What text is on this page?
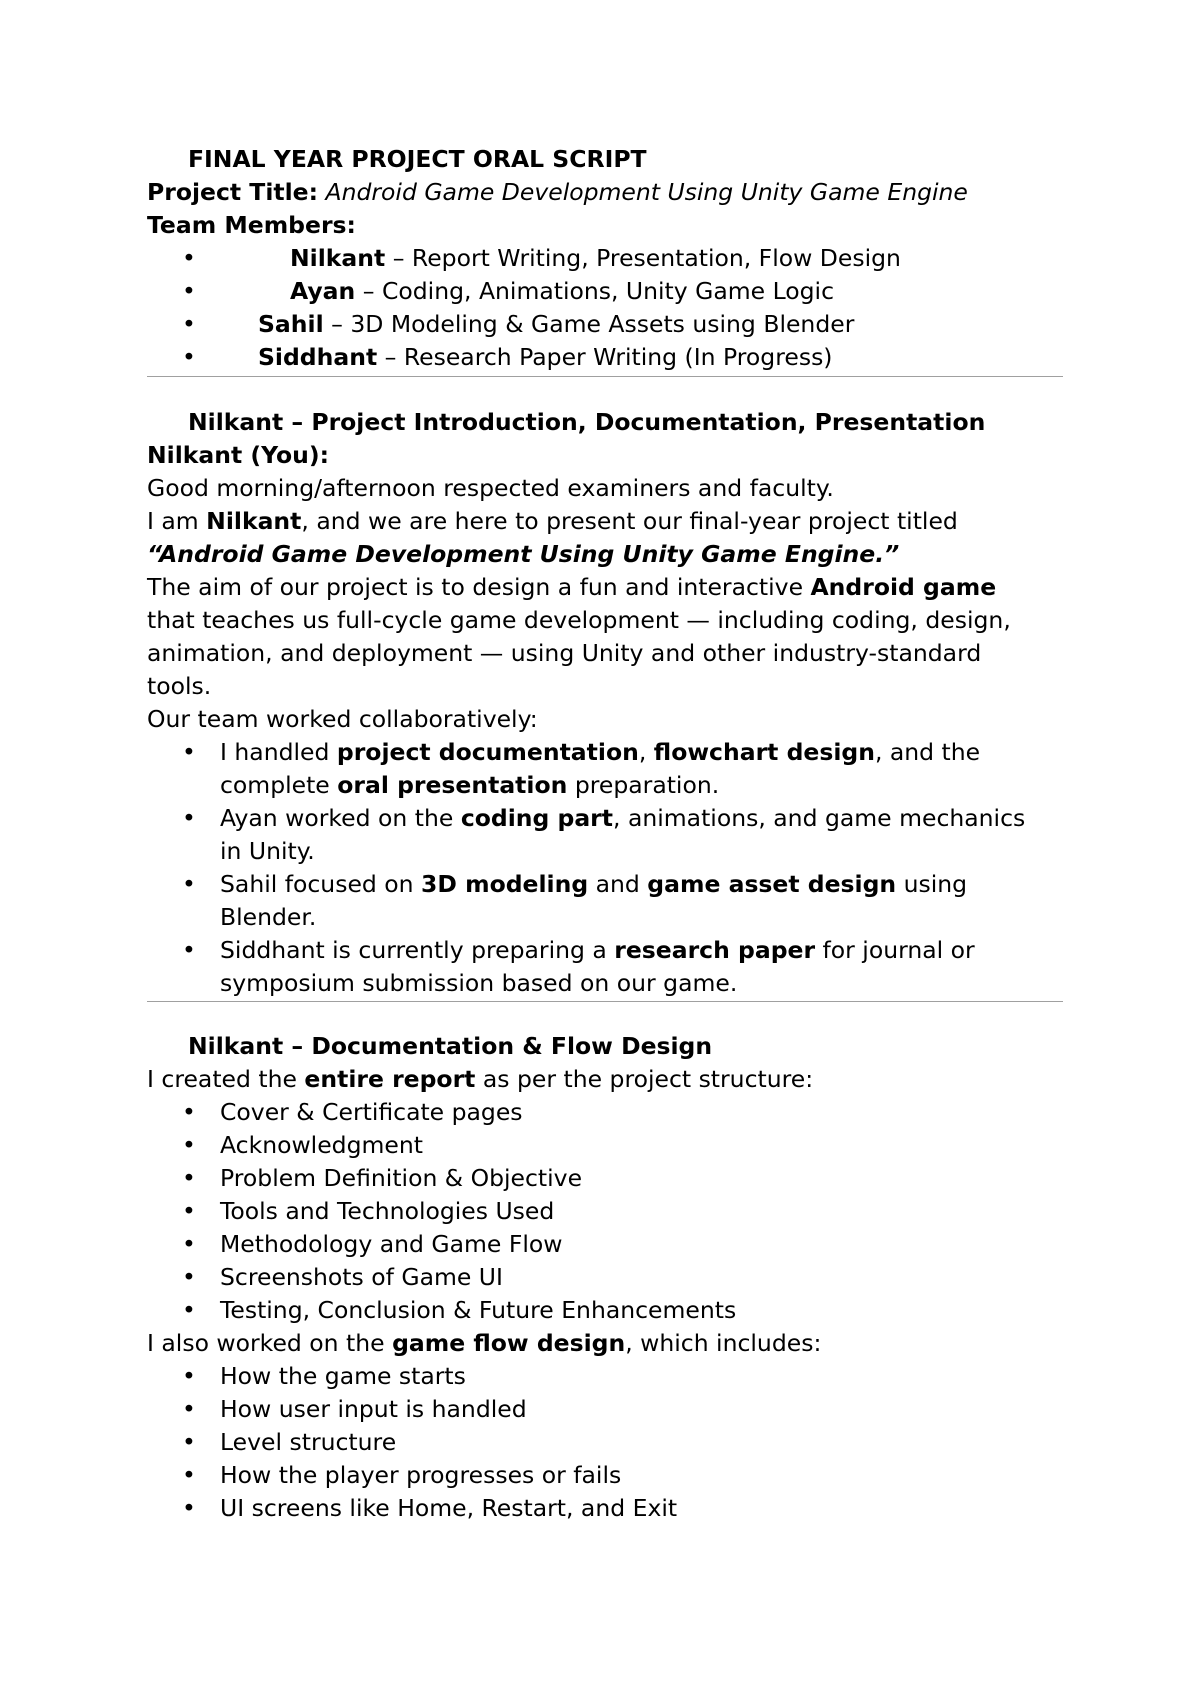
FINAL YEAR PROJECT ORAL SCRIPT
Project Title: Android Game Development Using Unity Game Engine
Team Members:
•	Nilkant – Report Writing, Presentation, Flow Design
•	Ayan – Coding, Animations, Unity Game Logic
•	Sahil – 3D Modeling & Game Assets using Blender
•	Siddhant – Research Paper Writing (In Progress)
Nilkant – Project Introduction, Documentation, Presentation
Nilkant (You):
Good morning/afternoon respected examiners and faculty.
I am Nilkant, and we are here to present our final-year project titled
“Android Game Development Using Unity Game Engine.”
The aim of our project is to design a fun and interactive Android game
that teaches us full-cycle game development — including coding, design,
animation, and deployment — using Unity and other industry-standard
tools.
Our team worked collaboratively:
• I handled project documentation, flowchart design, and the
complete oral presentation preparation.
• Ayan worked on the coding part, animations, and game mechanics
in Unity.
• Sahil focused on 3D modeling and game asset design using
Blender.
• Siddhant is currently preparing a research paper for journal or
symposium submission based on our game.
Nilkant – Documentation & Flow Design
I created the entire report as per the project structure:
• Cover & Certificate pages
• Acknowledgment
• Problem Definition & Objective
• Tools and Technologies Used
• Methodology and Game Flow
• Screenshots of Game UI
• Testing, Conclusion & Future Enhancements
I also worked on the game flow design, which includes:
• How the game starts
• How user input is handled
• Level structure
• How the player progresses or fails
• UI screens like Home, Restart, and Exit
